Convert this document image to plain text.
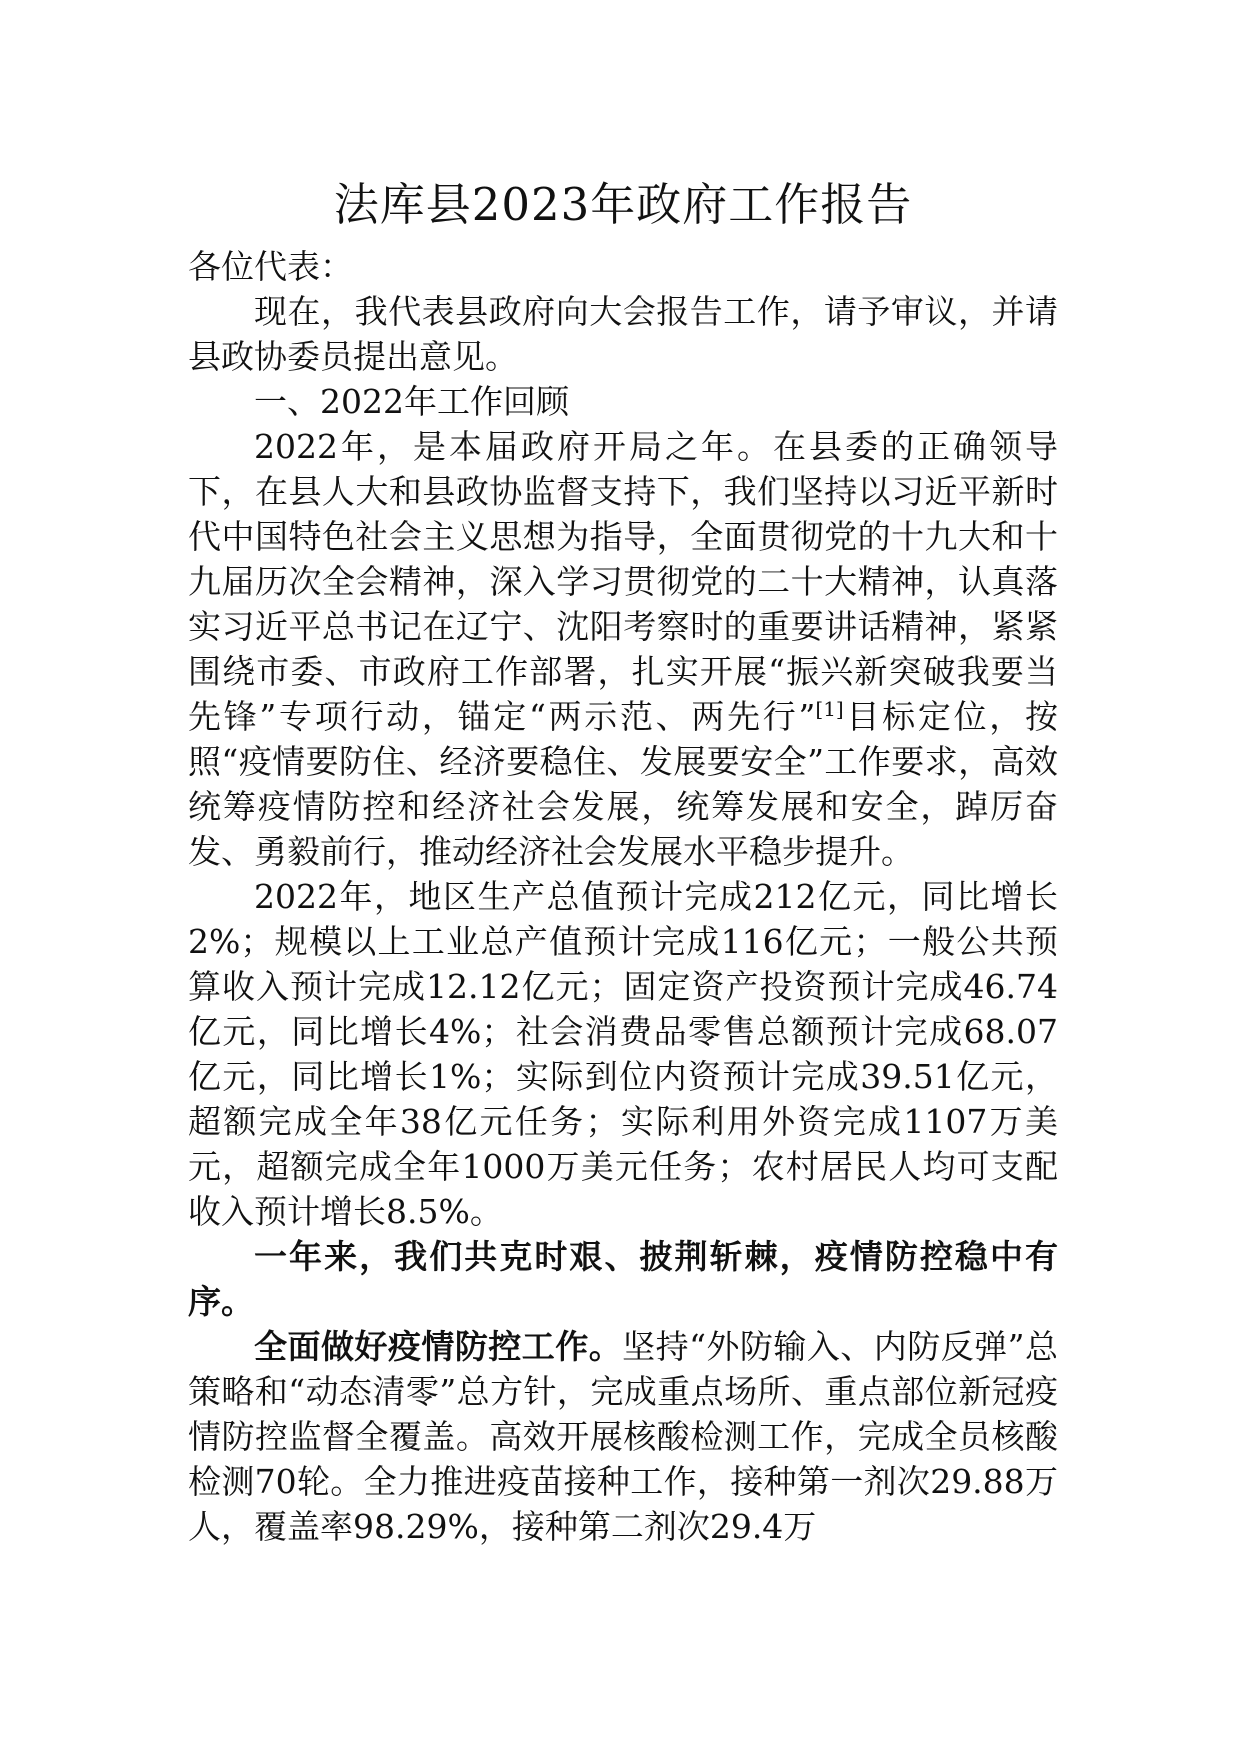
法库县2023年政府工作报告

各位代表：

现在，我代表县政府向大会报告工作，请予审议，并请县政协委员提出意见。

一、2022年工作回顾

2022年，是本届政府开局之年。在县委的正确领导下，在县人大和县政协监督支持下，我们坚持以习近平新时代中国特色社会主义思想为指导，全面贯彻党的十九大和十九届历次全会精神，深入学习贯彻党的二十大精神，认真落实习近平总书记在辽宁、沈阳考察时的重要讲话精神，紧紧围绕市委、市政府工作部署，扎实开展“振兴新突破我要当先锋”专项行动，锚定“两示范、两先行”[1]目标定位，按照“疫情要防住、经济要稳住、发展要安全”工作要求，高效统筹疫情防控和经济社会发展，统筹发展和安全，踔厉奋发、勇毅前行，推动经济社会发展水平稳步提升。

2022年，地区生产总值预计完成212亿元，同比增长2%；规模以上工业总产值预计完成116亿元；一般公共预算收入预计完成12.12亿元；固定资产投资预计完成46.74亿元，同比增长4%；社会消费品零售总额预计完成68.07亿元，同比增长1%；实际到位内资预计完成39.51亿元，超额完成全年38亿元任务；实际利用外资完成1107万美元，超额完成全年1000万美元任务；农村居民人均可支配收入预计增长8.5%。

一年来，我们共克时艰、披荆斩棘，疫情防控稳中有序。

全面做好疫情防控工作。坚持“外防输入、内防反弹”总策略和“动态清零”总方针，完成重点场所、重点部位新冠疫情防控监督全覆盖。高效开展核酸检测工作，完成全员核酸检测70轮。全力推进疫苗接种工作，接种第一剂次29.88万人，覆盖率98.29%，接种第二剂次29.4万
